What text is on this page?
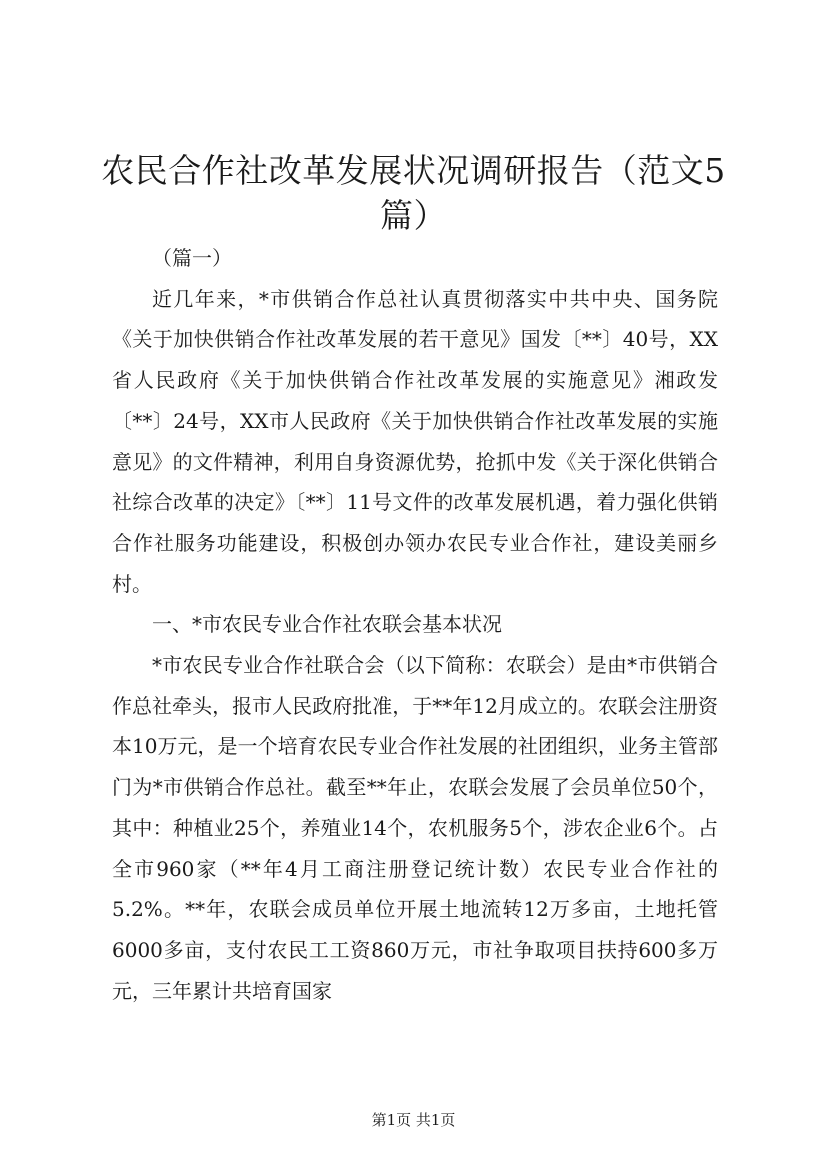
农民合作社改革发展状况调研报告（范文5篇）

（篇一）

近几年来，*市供销合作总社认真贯彻落实中共中央、国务院《关于加快供销合作社改革发展的若干意见》国发〔**〕40号，XX省人民政府《关于加快供销合作社改革发展的实施意见》湘政发〔**〕24号，XX市人民政府《关于加快供销合作社改革发展的实施意见》的文件精神，利用自身资源优势，抢抓中发《关于深化供销合社综合改革的决定》〔**〕11号文件的改革发展机遇，着力强化供销合作社服务功能建设，积极创办领办农民专业合作社，建设美丽乡村。

一、*市农民专业合作社农联会基本状况

*市农民专业合作社联合会（以下简称：农联会）是由*市供销合作总社牵头，报市人民政府批准，于**年12月成立的。农联会注册资本10万元，是一个培育农民专业合作社发展的社团组织，业务主管部门为*市供销合作总社。截至**年止，农联会发展了会员单位50个，其中：种植业25个，养殖业14个，农机服务5个，涉农企业6个。占全市960家（**年4月工商注册登记统计数）农民专业合作社的5.2%。**年，农联会成员单位开展土地流转12万多亩，土地托管6000多亩，支付农民工工资860万元，市社争取项目扶持600多万元，三年累计共培育国家

第1页 共1页
